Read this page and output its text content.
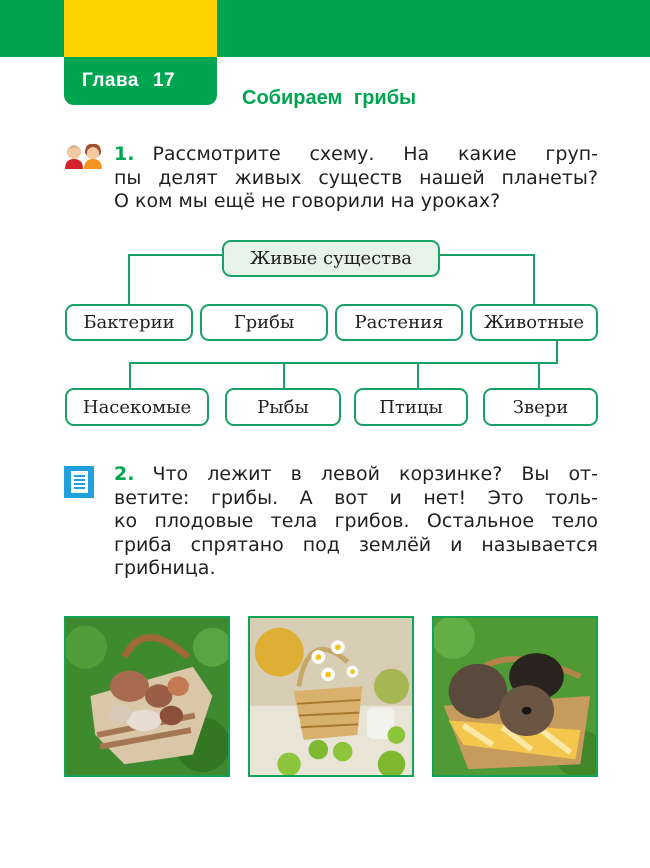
Глава 17
Собираем грибы
1. Рассмотрите схему. На какие груп-
пы делят живых существ нашей планеты?
О ком мы ещё не говорили на уроках?
Живые существа
Бактерии	Грибы	Растения	Животные
Насекомые	Рыбы	Птицы	Звери
2. Что лежит в левой корзинке? Вы от-
ветите: грибы. А вот и нет! Это толь-
ко плодовые тела грибов. Остальное тело
гриба спрятано под землёй и называется
грибница.
